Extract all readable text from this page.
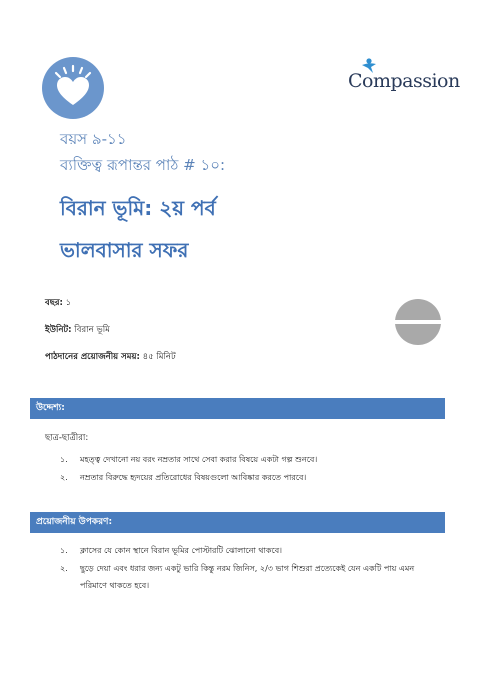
Compassion
বয়স ৯-১১
ব্যক্তিত্ব রূপান্তর পাঠ # ১০:
বিরান ভূমি: ২য় পর্ব
ভালবাসার সফর
বছর: ১
ইউনিট: বিরান ভূমি
পাঠদানের প্রয়োজনীয় সময়: ৪৫ মিনিট
উদ্দেশ্য:
ছাত্র-ছাত্রীরা:
১. মহত্ত্ব দেখানো নয় বরং নম্রতার সাথে সেবা করার বিষয়ে একটা গল্প শুনবে।
২. নম্রতার বিরুদ্ধে হৃদয়ের প্রতিরোধের বিষয়গুলো আবিষ্কার করতে পারবে।
প্রয়োজনীয় উপকরণ:
১. ক্লাসের যে কোন স্থানে বিরান ভূমির পোস্টারটি ঝোলানো থাকবে।
২. ছুড়ে দেয়া এবং ধরার জন্য একটু ভারি কিন্তু নরম জিনিস, ২/৩ ভাগ শিশুরা প্রত্যেকেই যেন একটি পায় এমন
পরিমাণে থাকতে হবে।
